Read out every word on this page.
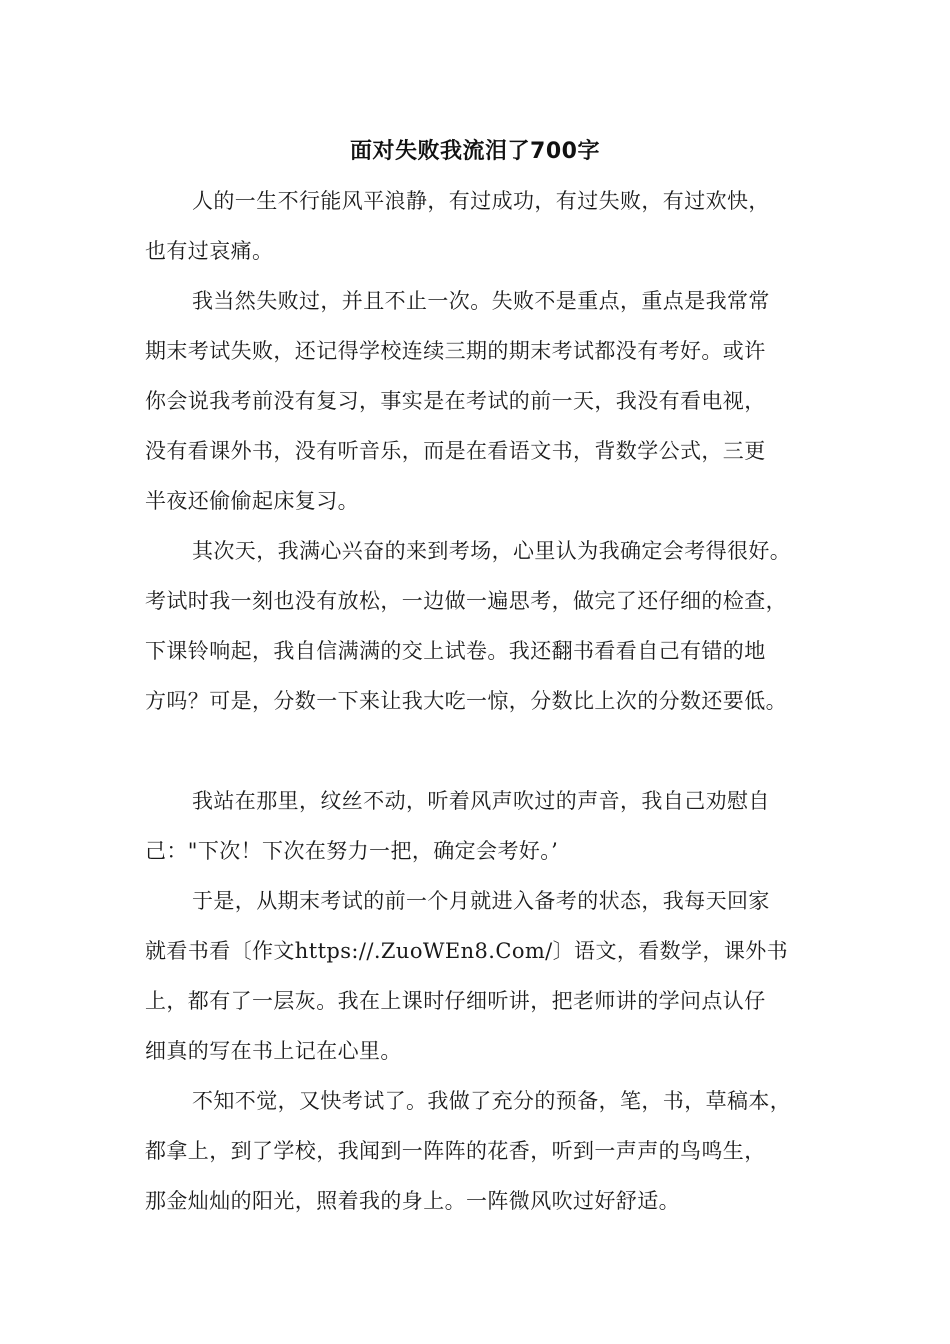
面对失败我流泪了700字
人的一生不行能风平浪静，有过成功，有过失败，有过欢快，
也有过哀痛。
我当然失败过，并且不止一次。失败不是重点，重点是我常常
期末考试失败，还记得学校连续三期的期末考试都没有考好。或许
你会说我考前没有复习，事实是在考试的前一天，我没有看电视，
没有看课外书，没有听音乐，而是在看语文书，背数学公式，三更
半夜还偷偷起床复习。
其次天，我满心兴奋的来到考场，心里认为我确定会考得很好。
考试时我一刻也没有放松，一边做一遍思考，做完了还仔细的检查，
下课铃响起，我自信满满的交上试卷。我还翻书看看自己有错的地
方吗？可是，分数一下来让我大吃一惊，分数比上次的分数还要低。
我站在那里，纹丝不动，听着风声吹过的声音，我自己劝慰自
己："下次！下次在努力一把，确定会考好。’
于是，从期末考试的前一个月就进入备考的状态，我每天回家
就看书看〔作文https://.ZuoWEn8.Com/〕语文，看数学，课外书
上，都有了一层灰。我在上课时仔细听讲，把老师讲的学问点认仔
细真的写在书上记在心里。
不知不觉，又快考试了。我做了充分的预备，笔，书，草稿本，
都拿上，到了学校，我闻到一阵阵的花香，听到一声声的鸟鸣生，
那金灿灿的阳光，照着我的身上。一阵微风吹过好舒适。
